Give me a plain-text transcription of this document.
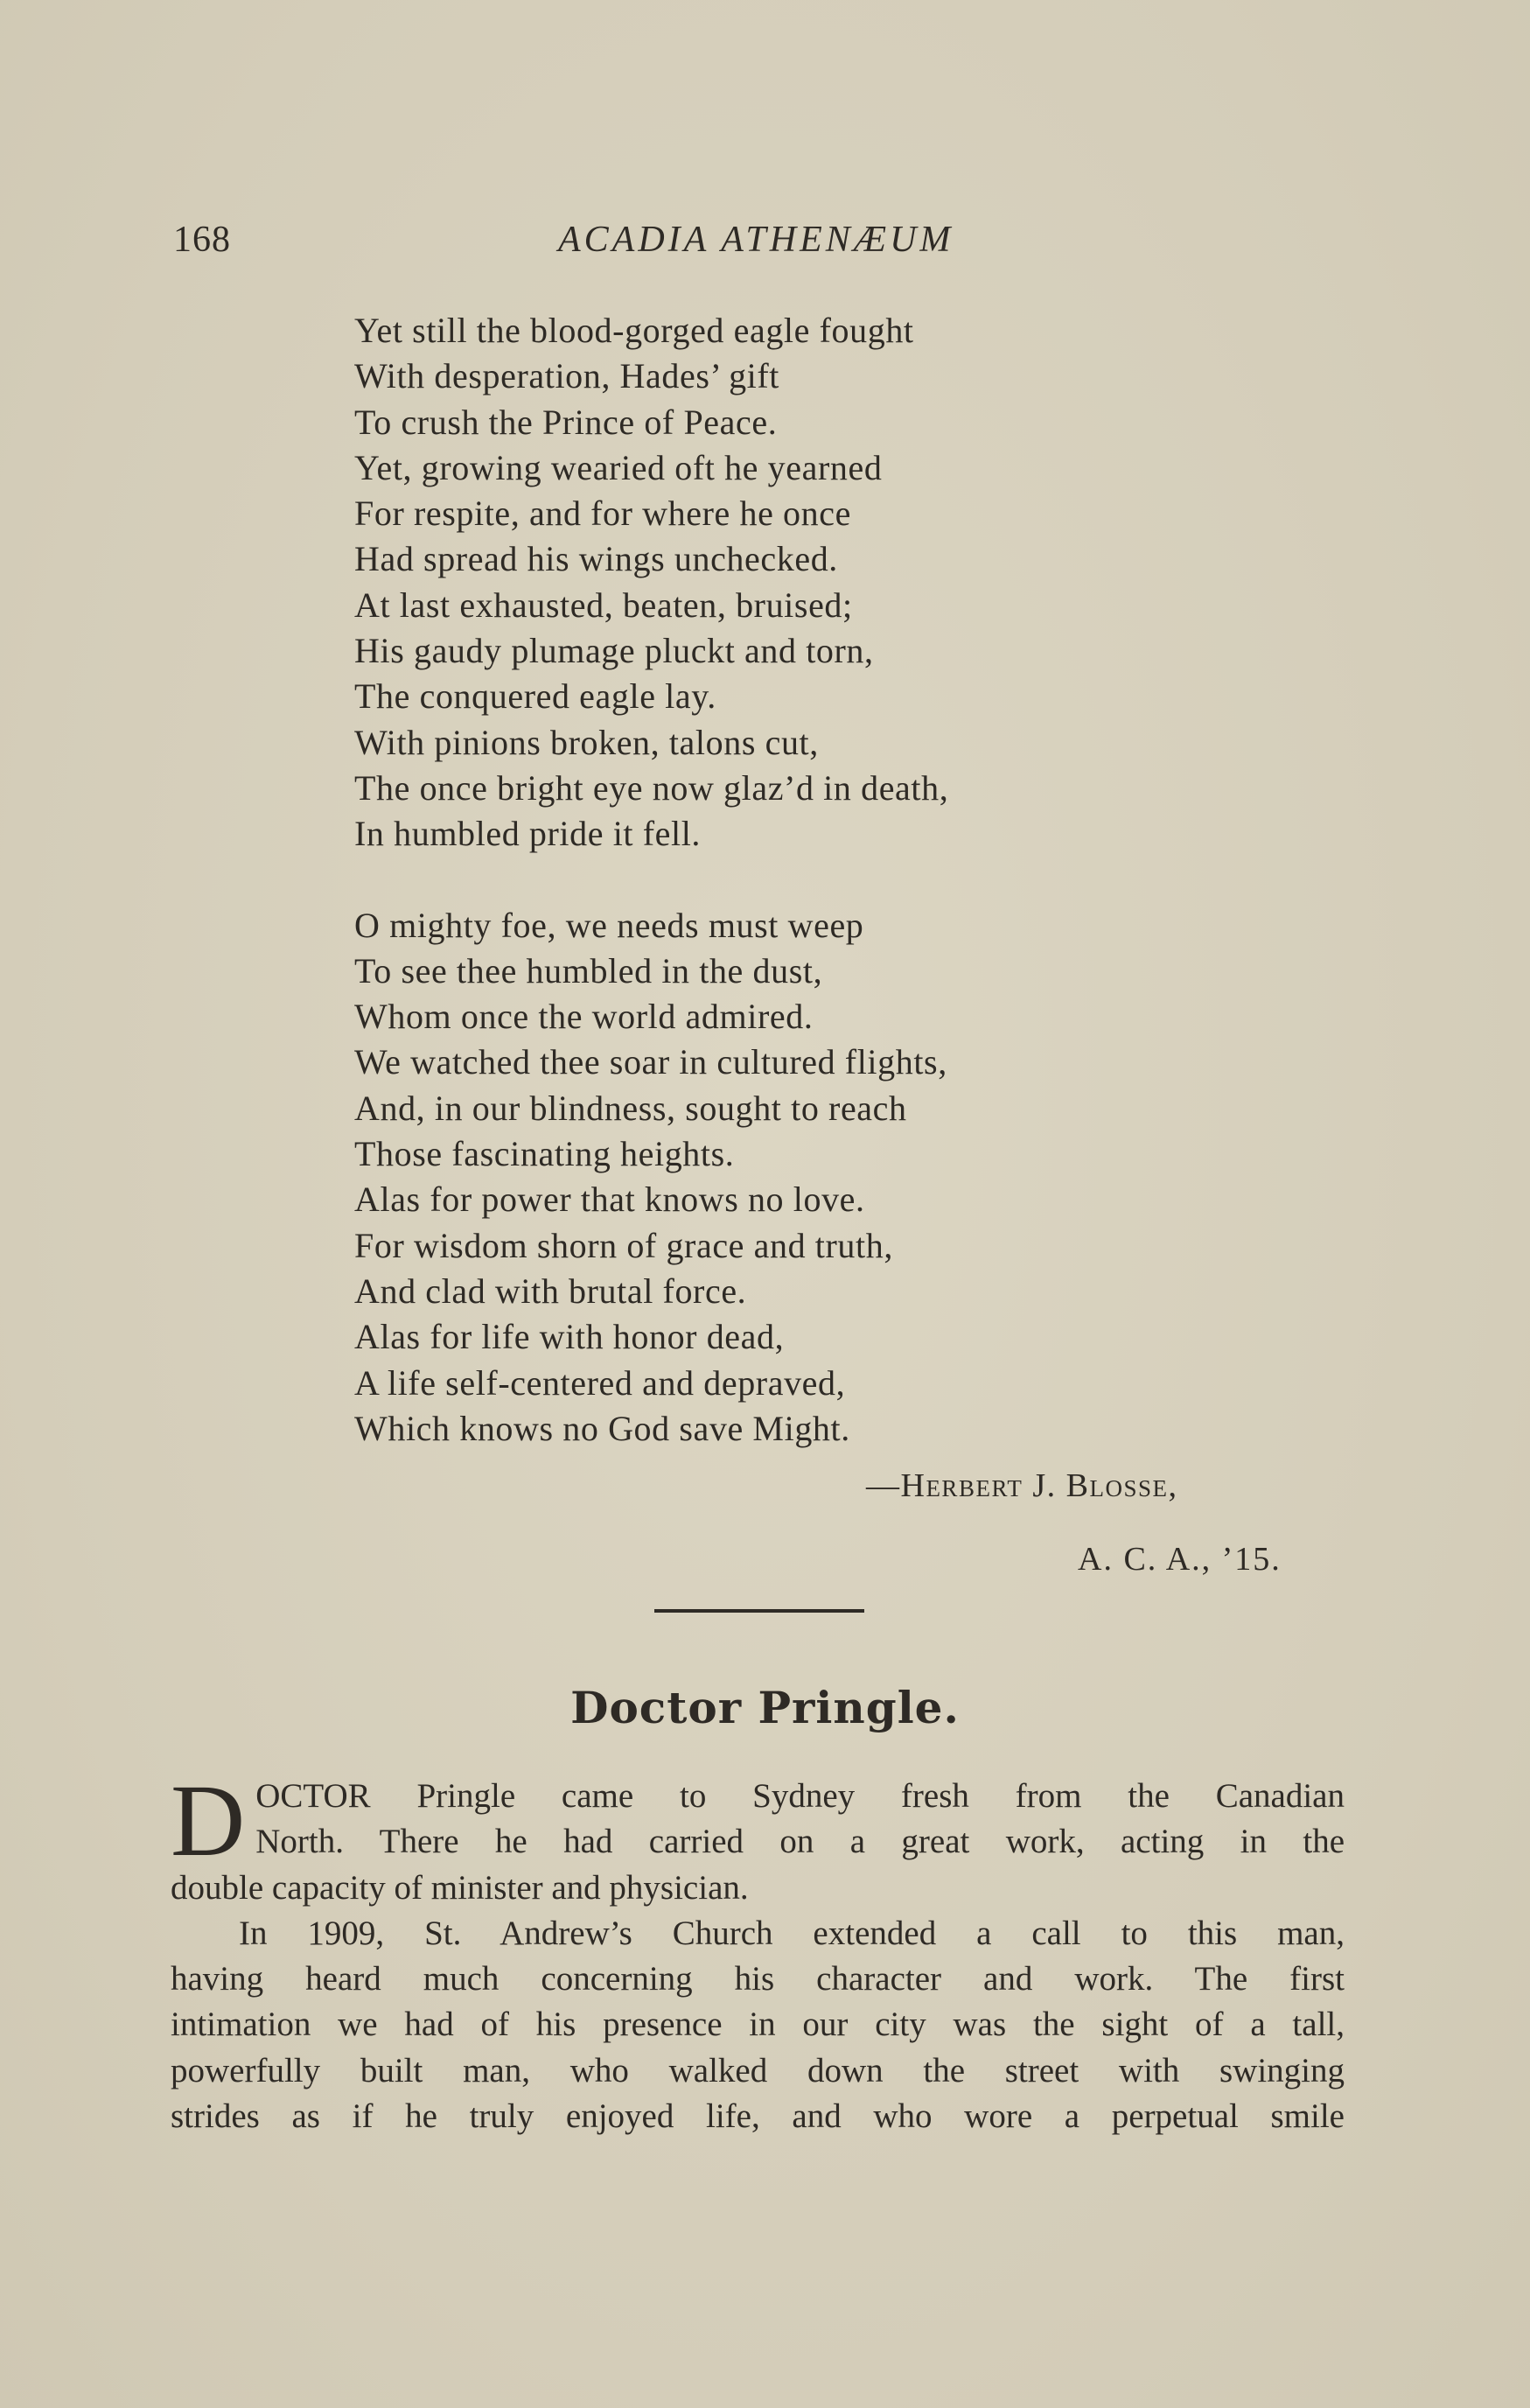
168	ACADIA ATHENÆUM

Yet still the blood-gorged eagle fought
With desperation, Hades’ gift
To crush the Prince of Peace.
Yet, growing wearied oft he yearned
For respite, and for where he once
Had spread his wings unchecked.
At last exhausted, beaten, bruised;
His gaudy plumage pluckt and torn,
The conquered eagle lay.
With pinions broken, talons cut,
The once bright eye now glaz’d in death,
In humbled pride it fell.

O mighty foe, we needs must weep
To see thee humbled in the dust,
Whom once the world admired.
We watched thee soar in cultured flights,
And, in our blindness, sought to reach
Those fascinating heights.
Alas for power that knows no love.
For wisdom shorn of grace and truth,
And clad with brutal force.
Alas for life with honor dead,
A life self-centered and depraved,
Which knows no God save Might.

—Herbert J. Blosse,
A. C. A., ’15.
Doctor Pringle.

D OCTOR Pringle came to Sydney fresh from the Canadian
North. There he had carried on a great work, acting in the
double capacity of minister and physician.

In 1909, St. Andrew’s Church extended a call to this man,
having heard much concerning his character and work. The first
intimation we had of his presence in our city was the sight of a tall,
powerfully built man, who walked down the street with swinging
strides as if he truly enjoyed life, and who wore a perpetual smile
